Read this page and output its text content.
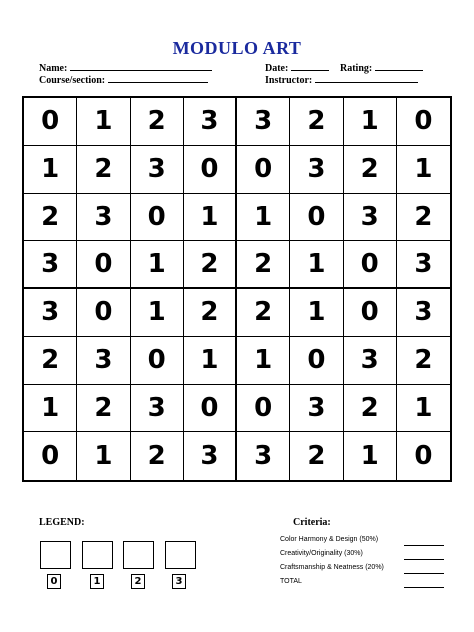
MODULO ART
Name:
Course/section:
Date:	Rating:
Instructor:
0	1	2	3	3	2	1	0
1	2	3	0	0	3	2	1
2	3	0	1	1	0	3	2
3	0	1	2	2	1	0	3
3	0	1	2	2	1	0	3
2	3	0	1	1	0	3	2
1	2	3	0	0	3	2	1
0	1	2	3	3	2	1	0
LEGEND:
0	1	2	3
Criteria:
Color Harmony & Design (50%)
Creativity/Originality (30%)
Craftsmanship & Neatness (20%)
TOTAL
